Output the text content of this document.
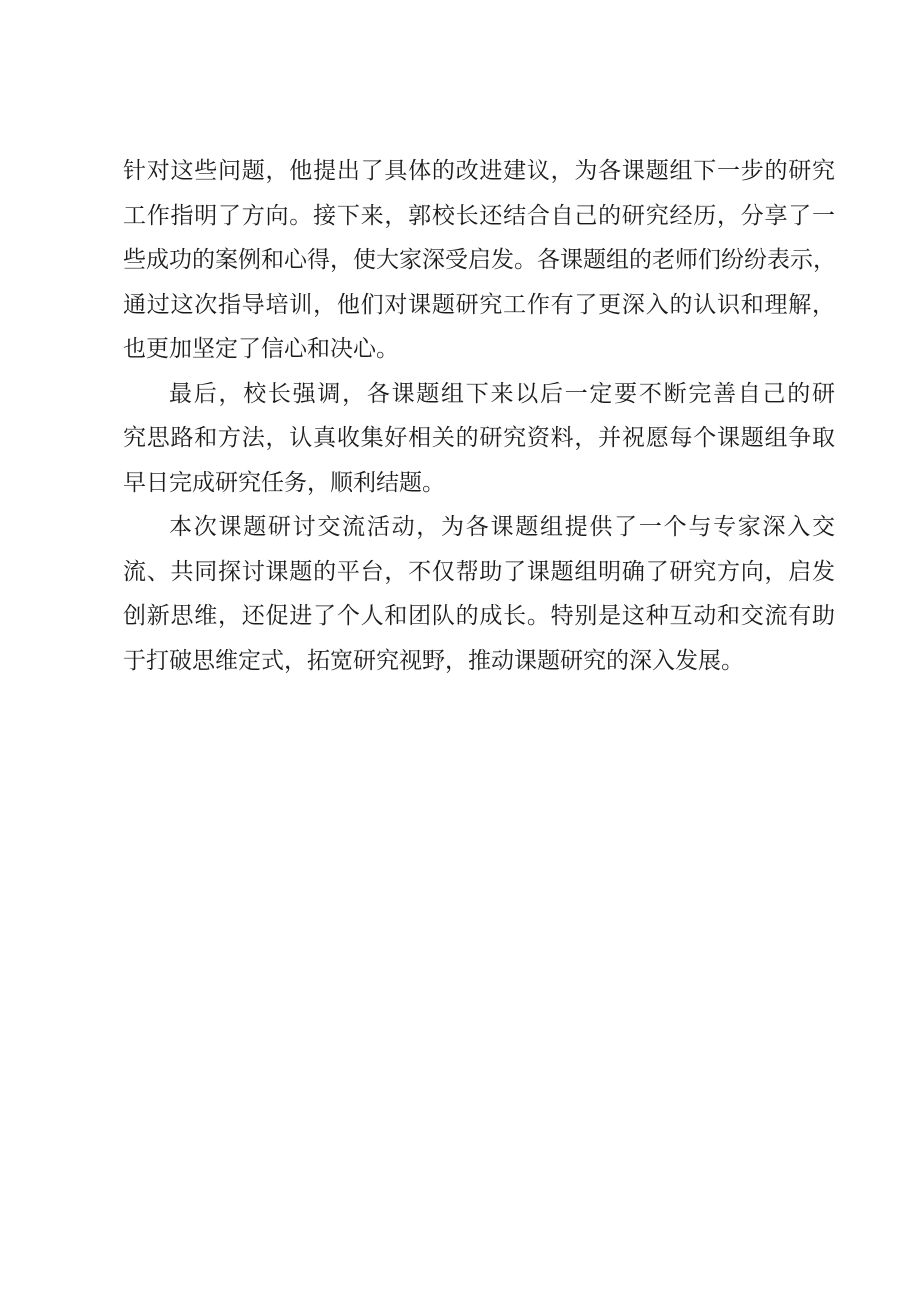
针对这些问题，他提出了具体的改进建议，为各课题组下一步的研究
工作指明了方向。接下来，郭校长还结合自己的研究经历，分享了一
些成功的案例和心得，使大家深受启发。各课题组的老师们纷纷表示，
通过这次指导培训，他们对课题研究工作有了更深入的认识和理解，
也更加坚定了信心和决心。
最后，校长强调，各课题组下来以后一定要不断完善自己的研
究思路和方法，认真收集好相关的研究资料，并祝愿每个课题组争取
早日完成研究任务，顺利结题。
本次课题研讨交流活动，为各课题组提供了一个与专家深入交
流、共同探讨课题的平台，不仅帮助了课题组明确了研究方向，启发
创新思维，还促进了个人和团队的成长。特别是这种互动和交流有助
于打破思维定式，拓宽研究视野，推动课题研究的深入发展。
